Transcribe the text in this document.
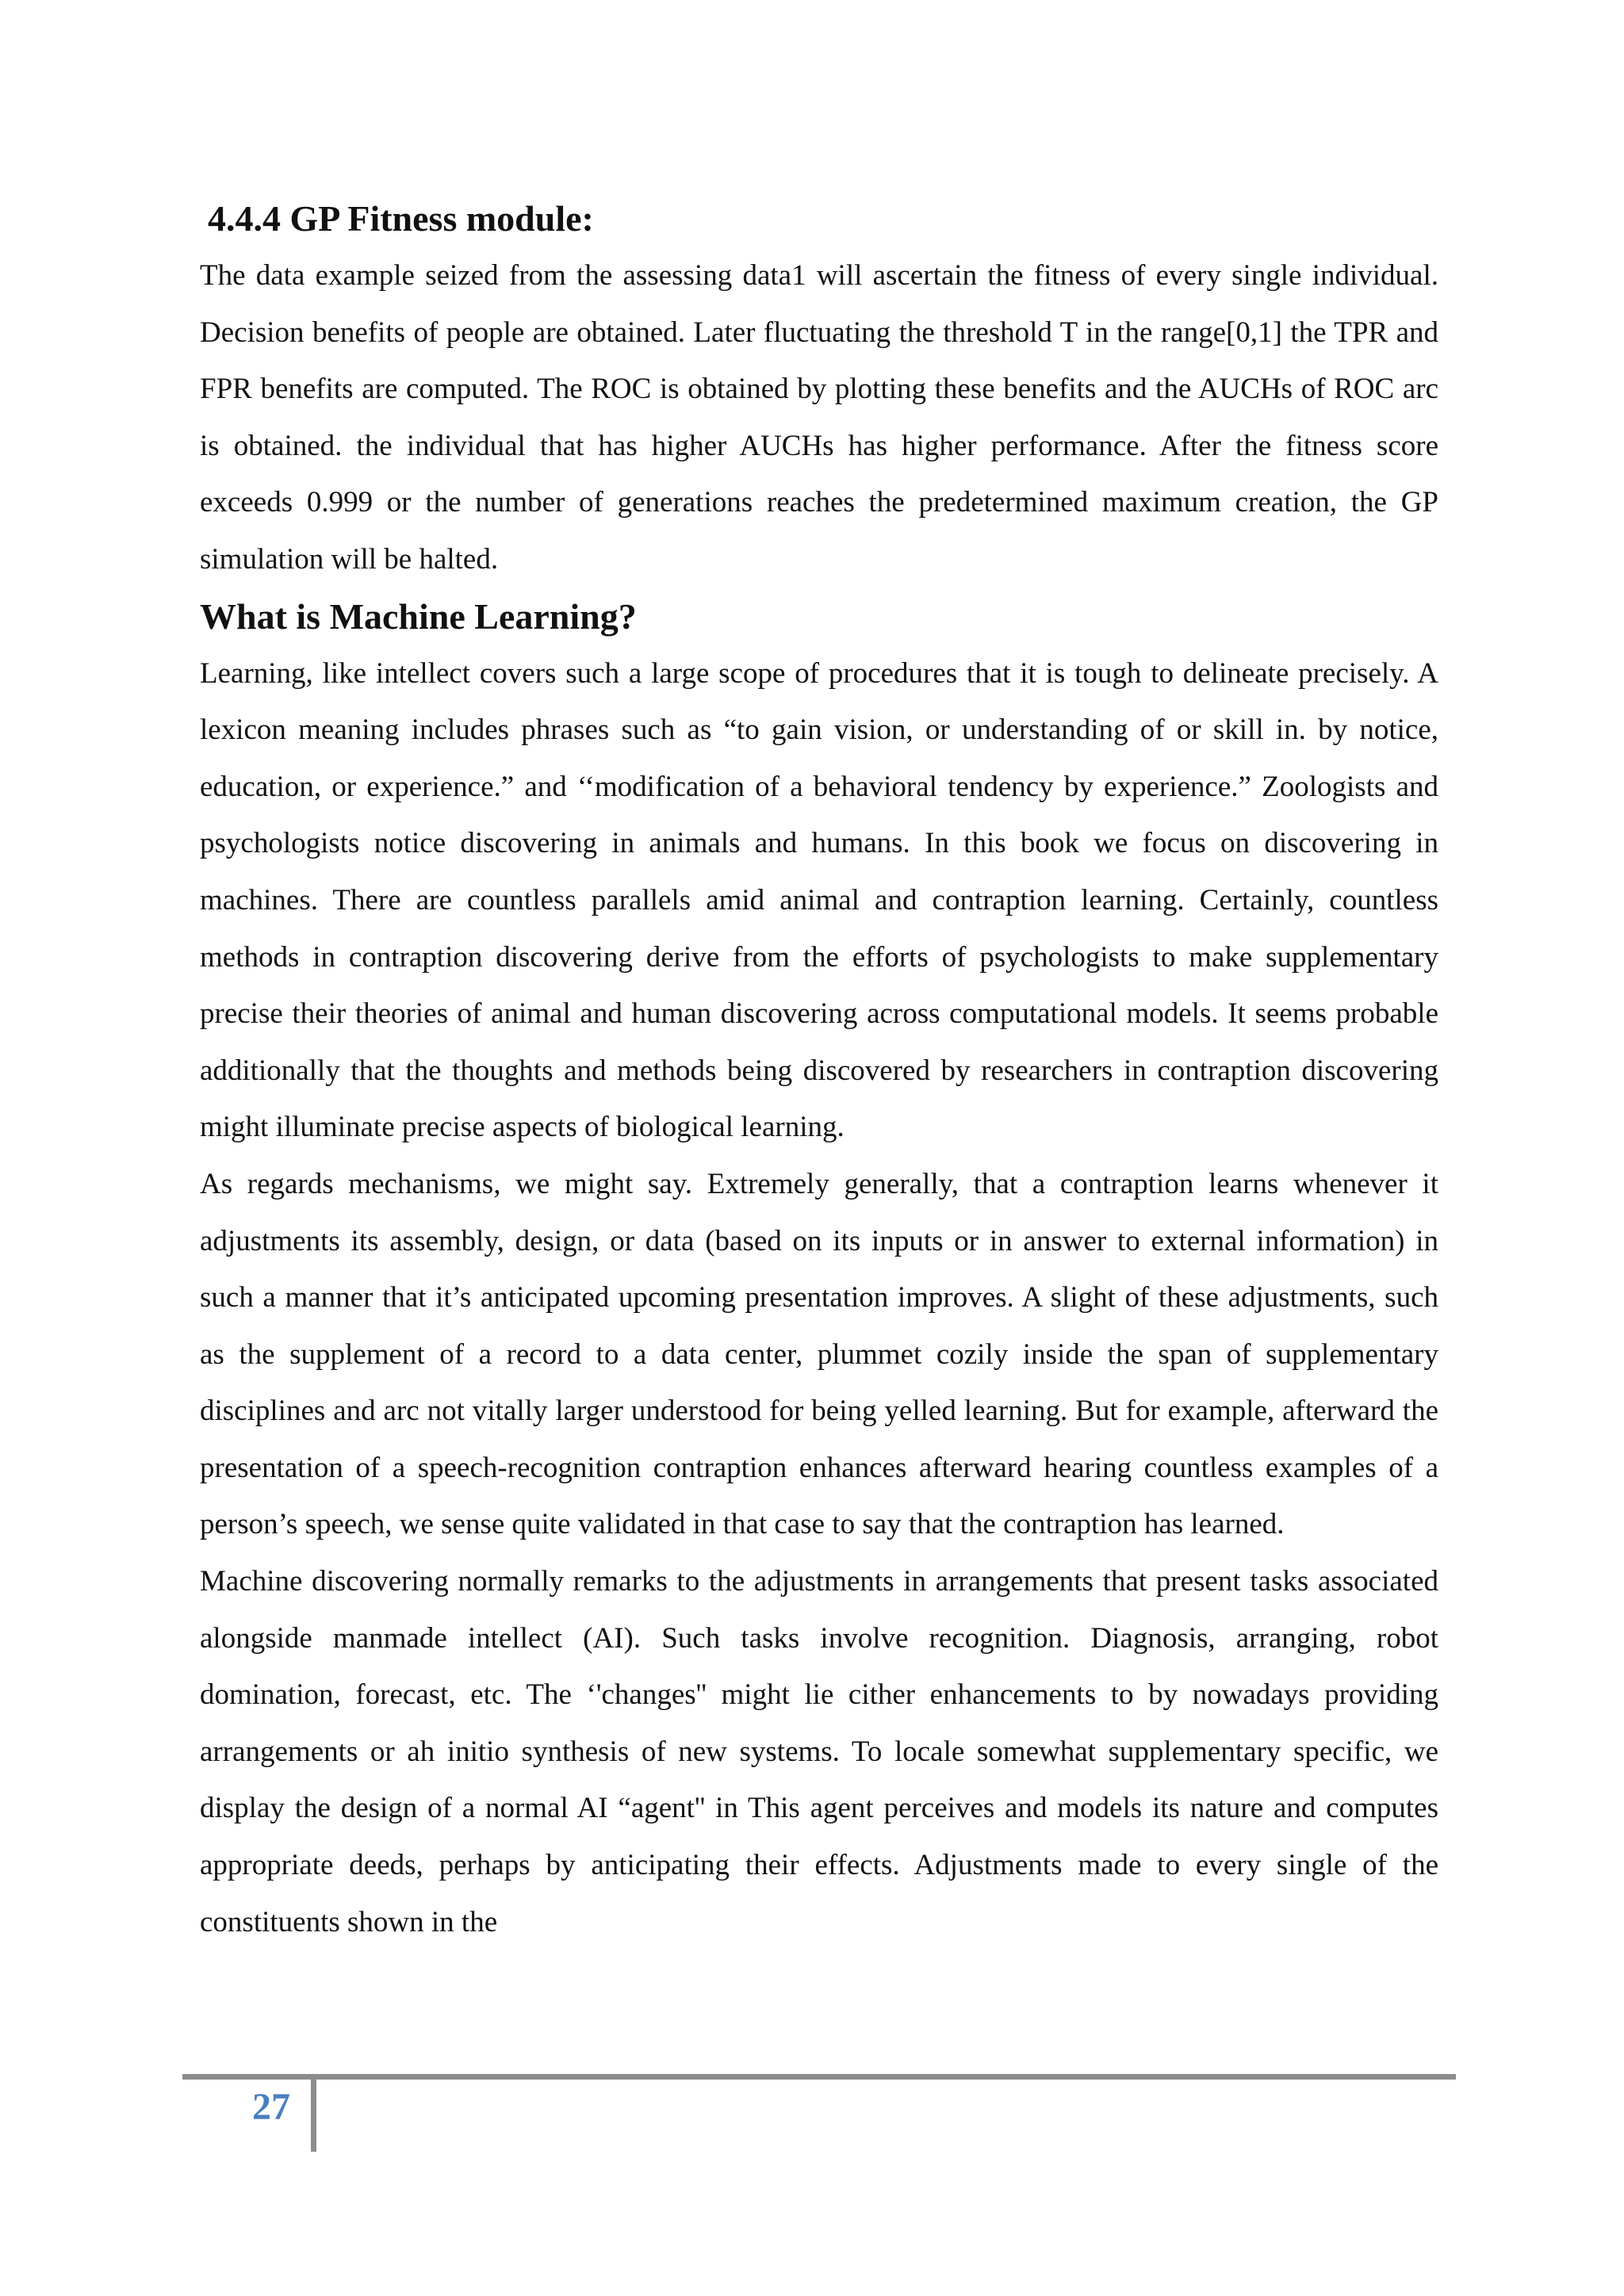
4.4.4 GP Fitness module:

The data example seized from the assessing data1 will ascertain the fitness of every single individual. Decision benefits of people are obtained. Later fluctuating the threshold T in the range[0,1] the TPR and FPR benefits are computed. The ROC is obtained by plotting these benefits and the AUCHs of ROC arc is obtained. the individual that has higher AUCHs has higher performance. After the fitness score exceeds 0.999 or the number of generations reaches the predetermined maximum creation, the GP simulation will be halted.

What is Machine Learning?

Learning, like intellect covers such a large scope of procedures that it is tough to delineate precisely. A lexicon meaning includes phrases such as “to gain vision, or understanding of or skill in. by notice, education, or experience.” and ‘‘modification of a behavioral tendency by experience.” Zoologists and psychologists notice discovering in animals and humans. In this book we focus on discovering in machines. There are countless parallels amid animal and contraption learning. Certainly, countless methods in contraption discovering derive from the efforts of psychologists to make supplementary precise their theories of animal and human discovering across computational models. It seems probable additionally that the thoughts and methods being discovered by researchers in contraption discovering might illuminate precise aspects of biological learning.

As regards mechanisms, we might say. Extremely generally, that a contraption learns whenever it adjustments its assembly, design, or data (based on its inputs or in answer to external information) in such a manner that it’s anticipated upcoming presentation improves. A slight of these adjustments, such as the supplement of a record to a data center, plummet cozily inside the span of supplementary disciplines and arc not vitally larger understood for being yelled learning. But for example, afterward the presentation of a speech-recognition contraption enhances afterward hearing countless examples of a person’s speech, we sense quite validated in that case to say that the contraption has learned.

Machine discovering normally remarks to the adjustments in arrangements that present tasks associated alongside manmade intellect (AI). Such tasks involve recognition. Diagnosis, arranging, robot domination, forecast, etc. The ‘'changes'' might lie cither enhancements to by nowadays providing arrangements or ah initio synthesis of new systems. To locale somewhat supplementary specific, we display the design of a normal AI “agent'' in This agent perceives and models its nature and computes appropriate deeds, perhaps by anticipating their effects. Adjustments made to every single of the constituents shown in the

27
